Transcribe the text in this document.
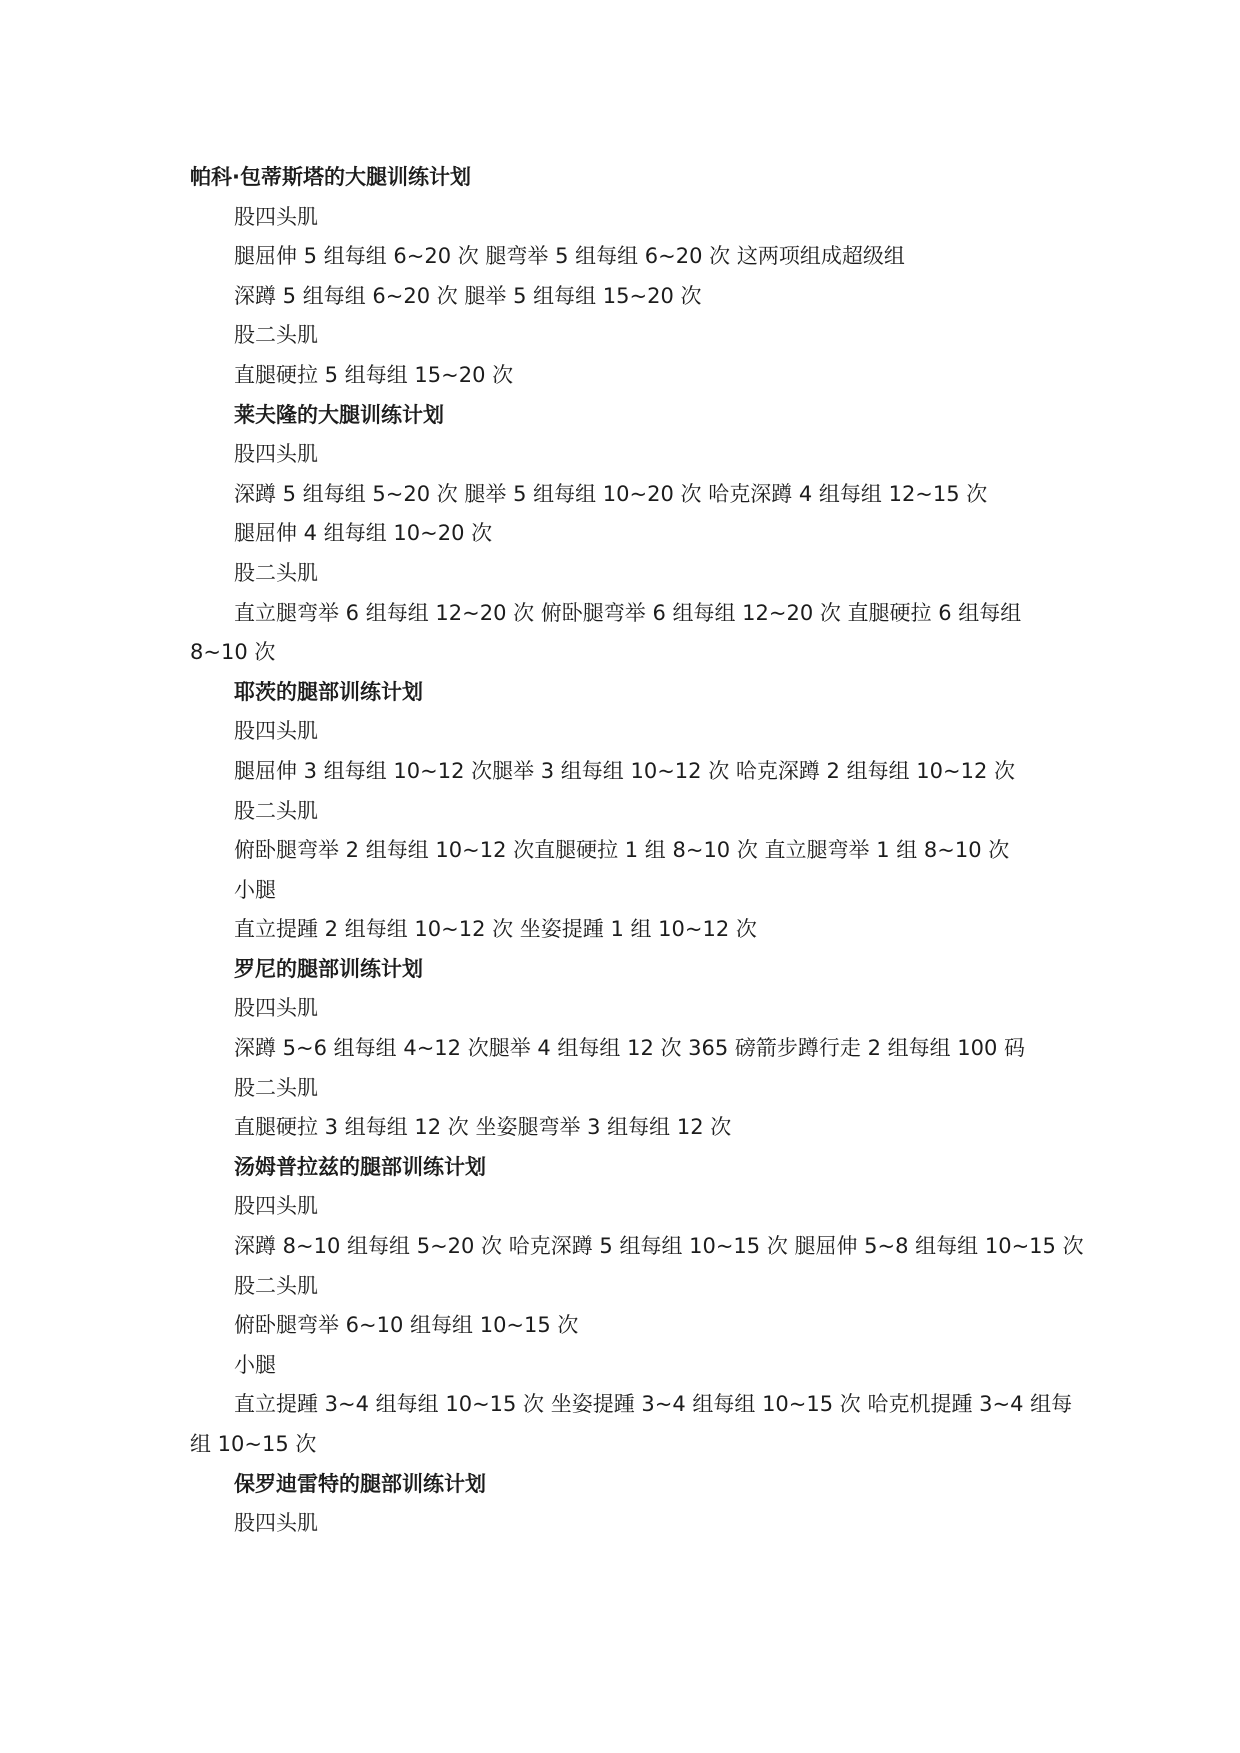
帕科·包蒂斯塔的大腿训练计划
股四头肌
腿屈伸 5 组每组 6~20 次 腿弯举 5 组每组 6~20 次 这两项组成超级组
深蹲 5 组每组 6~20 次 腿举 5 组每组 15~20 次
股二头肌
直腿硬拉 5 组每组 15~20 次
莱夫隆的大腿训练计划
股四头肌
深蹲 5 组每组 5~20 次 腿举 5 组每组 10~20 次 哈克深蹲 4 组每组 12~15 次
腿屈伸 4 组每组 10~20 次
股二头肌
直立腿弯举 6 组每组 12~20 次 俯卧腿弯举 6 组每组 12~20 次 直腿硬拉 6 组每组
8~10 次
耶茨的腿部训练计划
股四头肌
腿屈伸 3 组每组 10~12 次腿举 3 组每组 10~12 次 哈克深蹲 2 组每组 10~12 次
股二头肌
俯卧腿弯举 2 组每组 10~12 次直腿硬拉 1 组 8~10 次 直立腿弯举 1 组 8~10 次
小腿
直立提踵 2 组每组 10~12 次 坐姿提踵 1 组 10~12 次
罗尼的腿部训练计划
股四头肌
深蹲 5~6 组每组 4~12 次腿举 4 组每组 12 次 365 磅箭步蹲行走 2 组每组 100 码
股二头肌
直腿硬拉 3 组每组 12 次 坐姿腿弯举 3 组每组 12 次
汤姆普拉兹的腿部训练计划
股四头肌
深蹲 8~10 组每组 5~20 次 哈克深蹲 5 组每组 10~15 次 腿屈伸 5~8 组每组 10~15 次
股二头肌
俯卧腿弯举 6~10 组每组 10~15 次
小腿
直立提踵 3~4 组每组 10~15 次 坐姿提踵 3~4 组每组 10~15 次 哈克机提踵 3~4 组每
组 10~15 次
保罗迪雷特的腿部训练计划
股四头肌
